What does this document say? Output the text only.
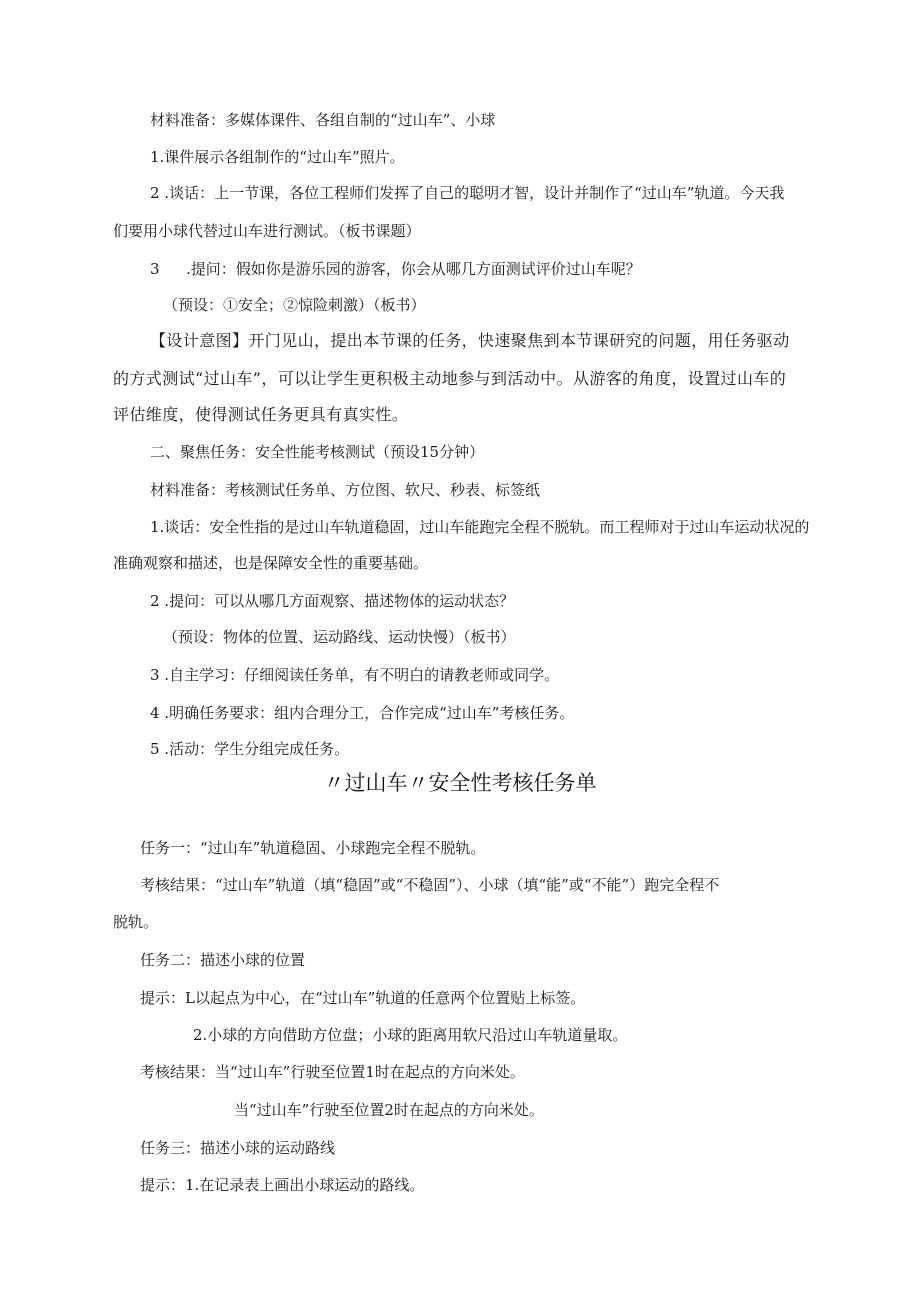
材料准备：多媒体课件、各组自制的“过山车”、小球
1.课件展示各组制作的“过山车”照片。
2 .谈话：上一节课，各位工程师们发挥了自己的聪明才智，设计并制作了“过山车”轨道。今天我
们要用小球代替过山车进行测试。（板书课题）
3 .提问：假如你是游乐园的游客，你会从哪几方面测试评价过山车呢？
（预设：①安全；②惊险刺激）（板书）
【设计意图】开门见山，提出本节课的任务，快速聚焦到本节课研究的问题，用任务驱动
的方式测试“过山车”，可以让学生更积极主动地参与到活动中。从游客的角度，设置过山车的
评估维度，使得测试任务更具有真实性。
二、聚焦任务：安全性能考核测试（预设15分钟）
材料准备：考核测试任务单、方位图、软尺、秒表、标签纸
1.谈话：安全性指的是过山车轨道稳固，过山车能跑完全程不脱轨。而工程师对于过山车运动状况的
准确观察和描述，也是保障安全性的重要基础。
2 .提问：可以从哪几方面观察、描述物体的运动状态？
（预设：物体的位置、运动路线、运动快慢）（板书）
3 .自主学习：仔细阅读任务单，有不明白的请教老师或同学。
4 .明确任务要求：组内合理分工，合作完成“过山车”考核任务。
5 .活动：学生分组完成任务。
〃过山车〃安全性考核任务单
任务一：“过山车”轨道稳固、小球跑完全程不脱轨。
考核结果：“过山车”轨道（填“稳固”或“不稳固”）、小球（填“能”或“不能”）跑完全程不
脱轨。
任务二：描述小球的位置
提示：L以起点为中心，在“过山车”轨道的任意两个位置贴上标签。
2.小球的方向借助方位盘；小球的距离用软尺沿过山车轨道量取。
考核结果：当“过山车”行驶至位置1时在起点的方向米处。
当“过山车”行驶至位置2时在起点的方向米处。
任务三：描述小球的运动路线
提示：1.在记录表上画出小球运动的路线。
